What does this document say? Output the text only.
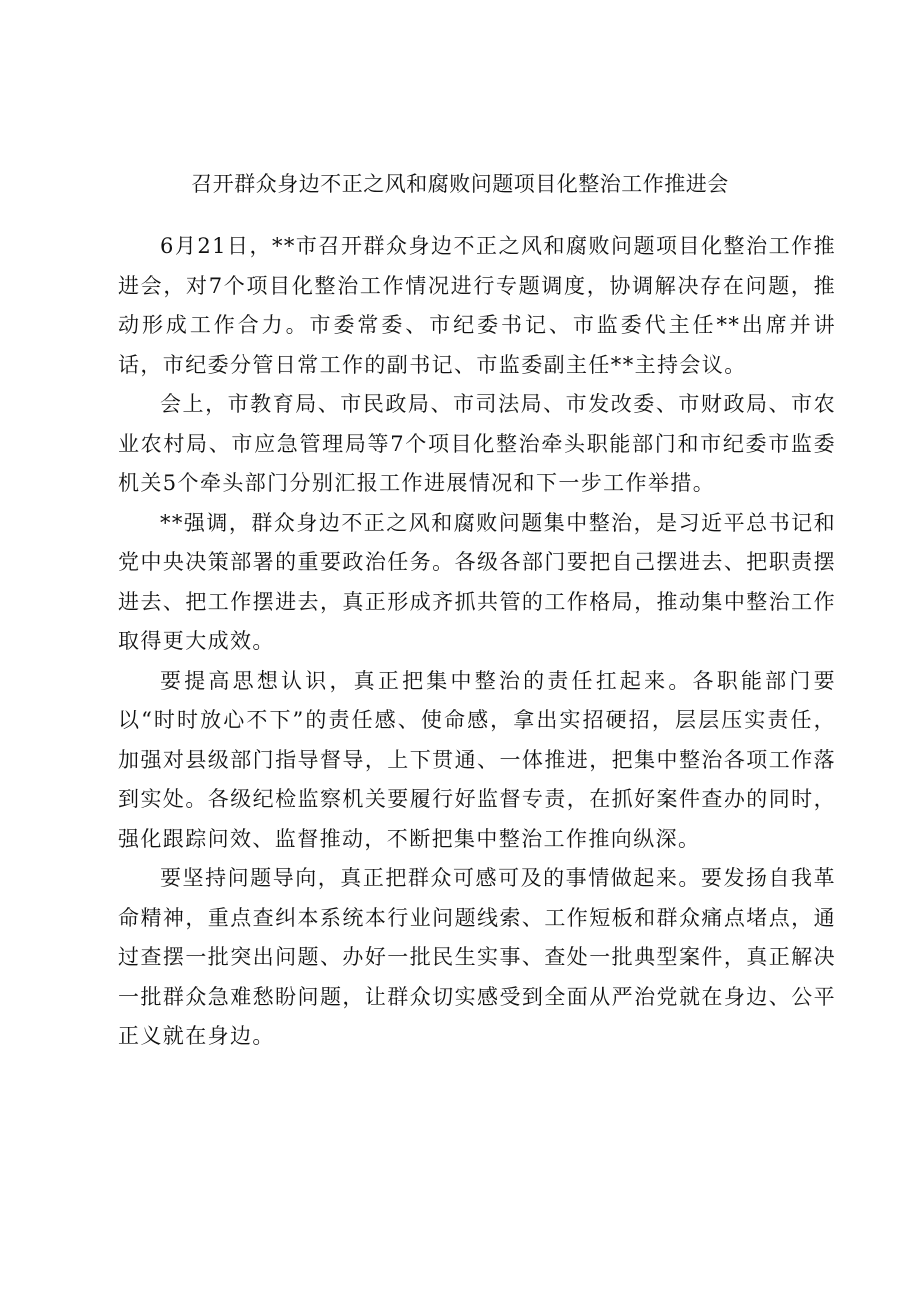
召开群众身边不正之风和腐败问题项目化整治工作推进会

6月21日，**市召开群众身边不正之风和腐败问题项目化整治工作推进会，对7个项目化整治工作情况进行专题调度，协调解决存在问题，推动形成工作合力。市委常委、市纪委书记、市监委代主任**出席并讲话，市纪委分管日常工作的副书记、市监委副主任**主持会议。

会上，市教育局、市民政局、市司法局、市发改委、市财政局、市农业农村局、市应急管理局等7个项目化整治牵头职能部门和市纪委市监委机关5个牵头部门分别汇报工作进展情况和下一步工作举措。

**强调，群众身边不正之风和腐败问题集中整治，是习近平总书记和党中央决策部署的重要政治任务。各级各部门要把自己摆进去、把职责摆进去、把工作摆进去，真正形成齐抓共管的工作格局，推动集中整治工作取得更大成效。

要提高思想认识，真正把集中整治的责任扛起来。各职能部门要以“时时放心不下”的责任感、使命感，拿出实招硬招，层层压实责任，加强对县级部门指导督导，上下贯通、一体推进，把集中整治各项工作落到实处。各级纪检监察机关要履行好监督专责，在抓好案件查办的同时，强化跟踪问效、监督推动，不断把集中整治工作推向纵深。

要坚持问题导向，真正把群众可感可及的事情做起来。要发扬自我革命精神，重点查纠本系统本行业问题线索、工作短板和群众痛点堵点，通过查摆一批突出问题、办好一批民生实事、查处一批典型案件，真正解决一批群众急难愁盼问题，让群众切实感受到全面从严治党就在身边、公平正义就在身边。
